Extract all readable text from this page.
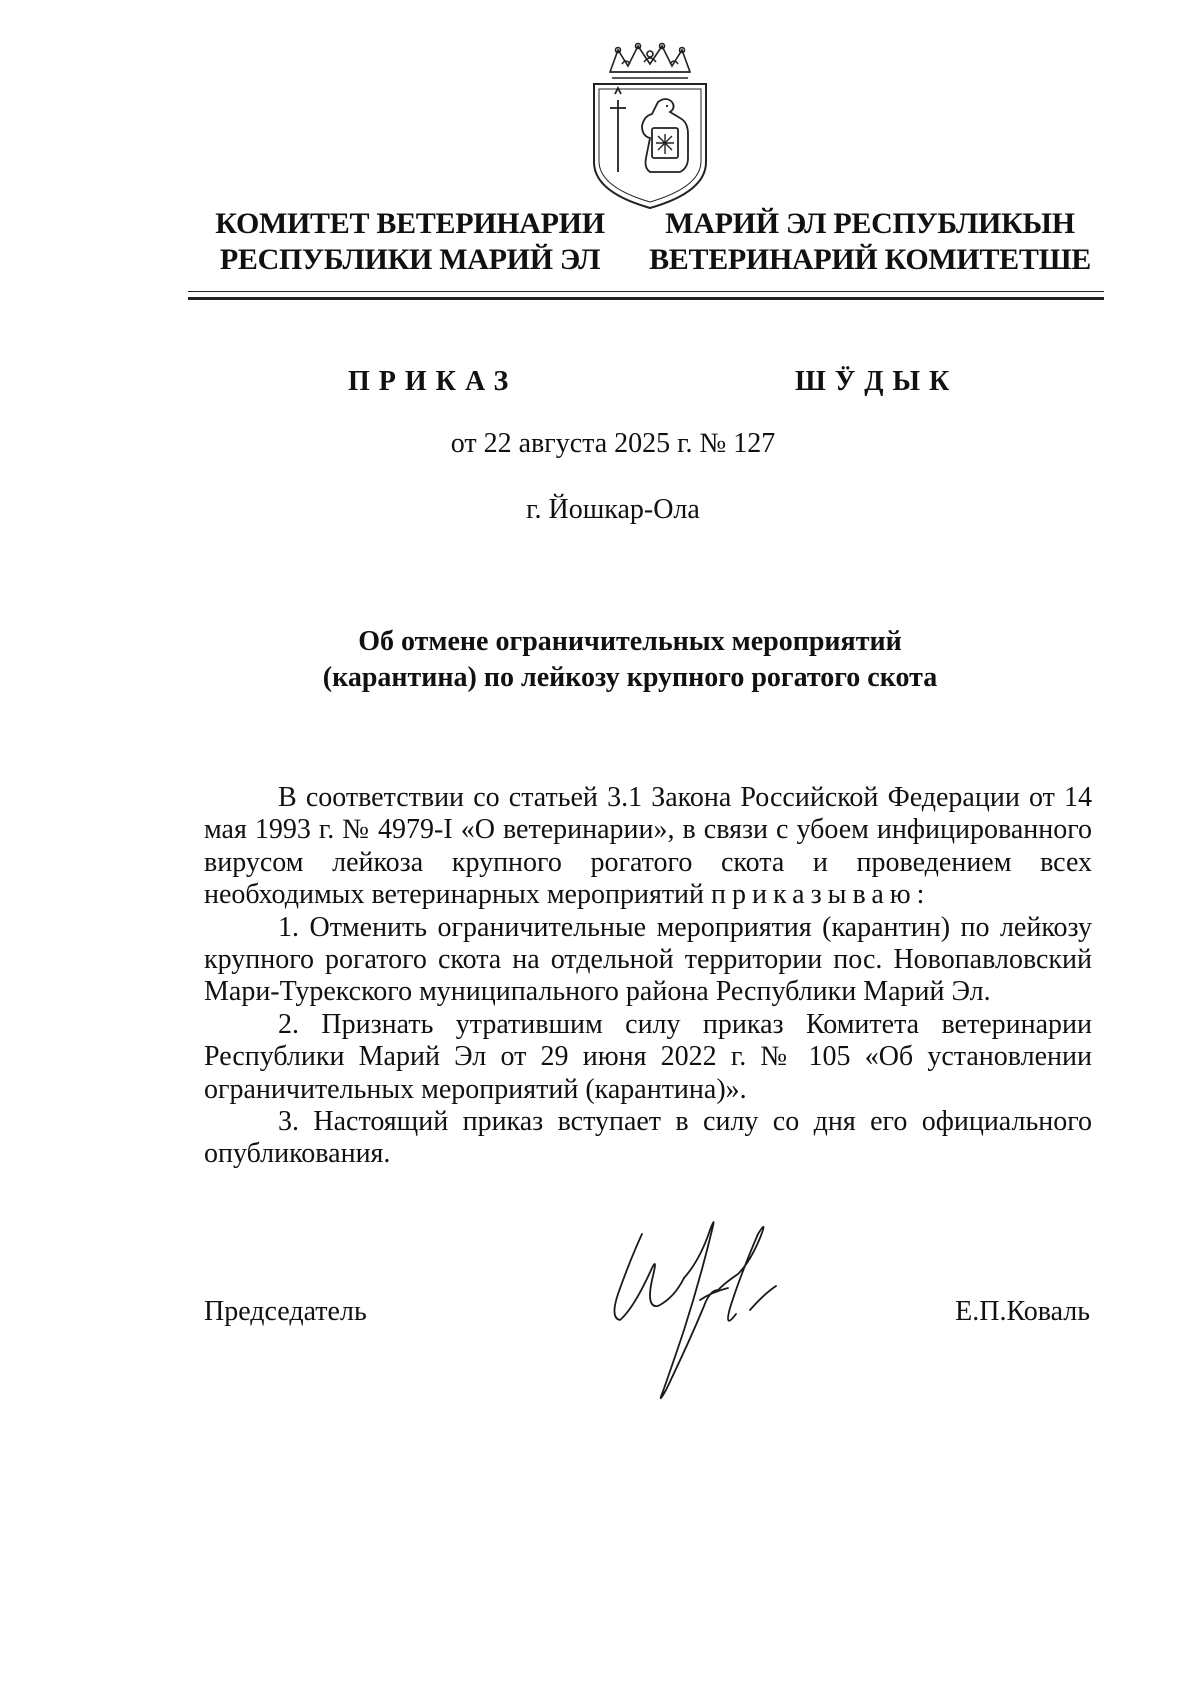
КОМИТЕТ ВЕТЕРИНАРИИ
РЕСПУБЛИКИ МАРИЙ ЭЛ
МАРИЙ ЭЛ РЕСПУБЛИКЫН
ВЕТЕРИНАРИЙ КОМИТЕТШЕ
ПРИКАЗ	ШӰДЫК
от 22 августа 2025 г. № 127
г. Йошкар-Ола
Об отмене ограничительных мероприятий
(карантина) по лейкозу крупного рогатого скота

В соответствии со статьей 3.1 Закона Российской Федерации от 14 мая 1993 г. № 4979-I «О ветеринарии», в связи с убоем инфицированного вирусом лейкоза крупного рогатого скота и проведением всех необходимых ветеринарных мероприятий приказываю:

1. Отменить ограничительные мероприятия (карантин) по лейкозу крупного рогатого скота на отдельной территории пос. Новопавловский Мари-Турекского муниципального района Республики Марий Эл.

2. Признать утратившим силу приказ Комитета ветеринарии Республики Марий Эл от 29 июня 2022 г. № 105 «Об установлении ограничительных мероприятий (карантина)».

3. Настоящий приказ вступает в силу со дня его официального опубликования.

Председатель	Е.П.Коваль
